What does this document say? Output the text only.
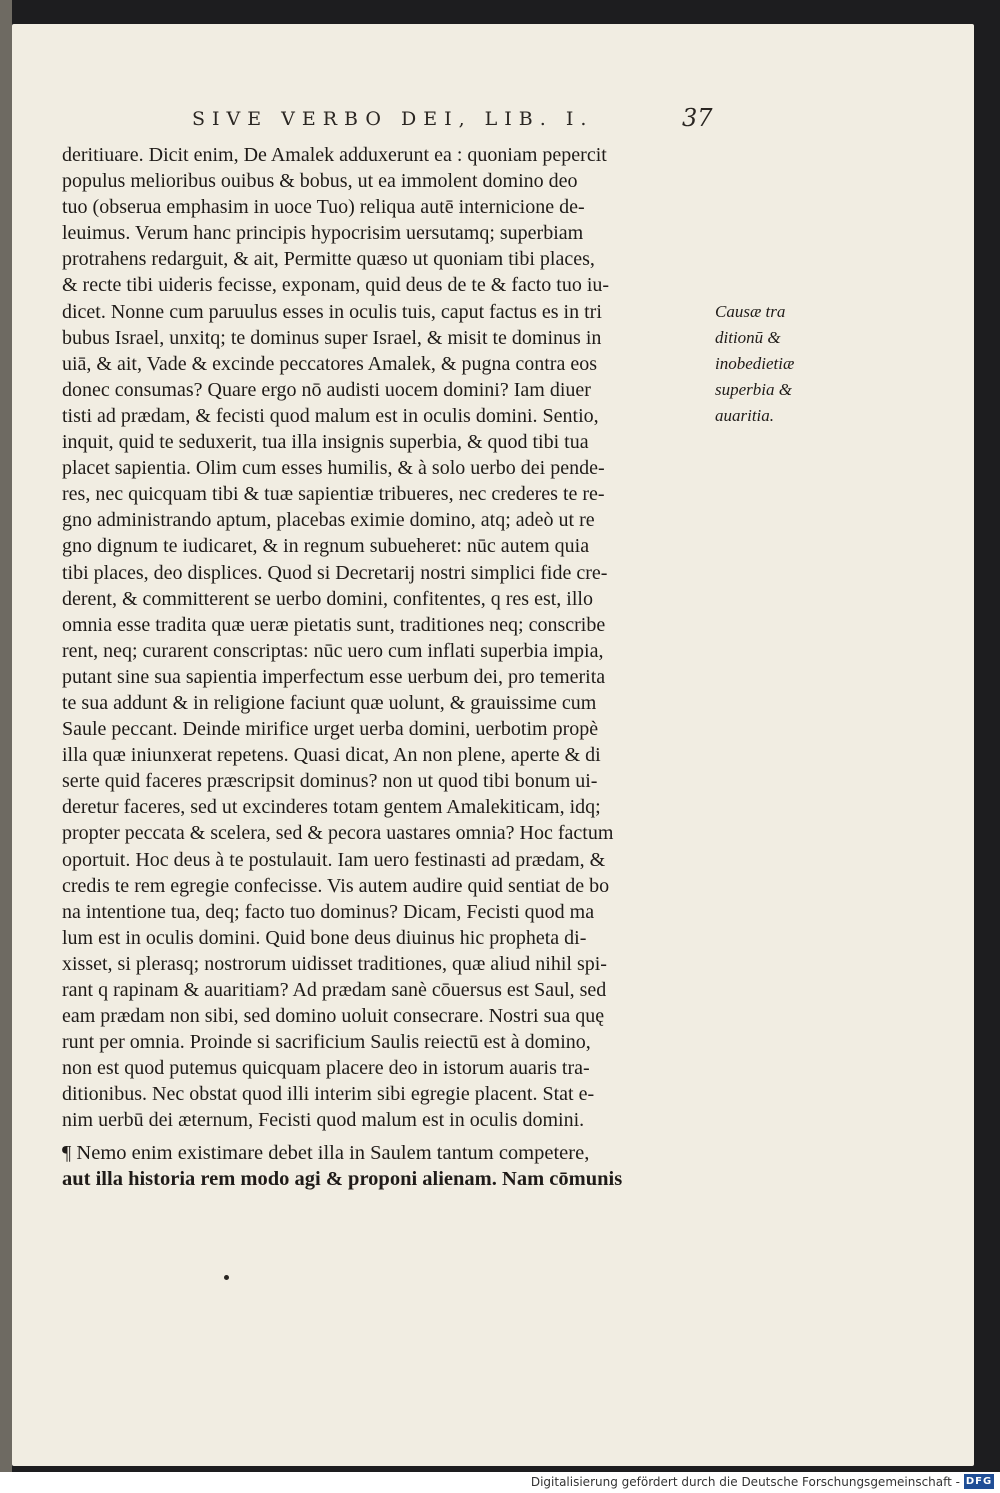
SIVE VERBO DEI, LIB. I.	37
deritiuare. Dicit enim, De Amalek adduxerunt ea : quoniam pepercit
populus melioribus ouibus & bobus, ut ea immolent domino deo
tuo (obserua emphasim in uoce Tuo) reliqua autē internicione de-
leuimus. Verum hanc principis hypocrisim uersutamq; superbiam
protrahens redarguit, & ait, Permitte quæso ut quoniam tibi places,
& recte tibi uideris fecisse, exponam, quid deus de te & facto tuo iu-
dicet. Nonne cum paruulus esses in oculis tuis, caput factus es in tri
bubus Israel, unxitq; te dominus super Israel, & misit te dominus in
uiā, & ait, Vade & excinde peccatores Amalek, & pugna contra eos
donec consumas? Quare ergo nō audisti uocem domini? Iam diuer
tisti ad prædam, & fecisti quod malum est in oculis domini. Sentio,
inquit, quid te seduxerit, tua illa insignis superbia, & quod tibi tua
placet sapientia. Olim cum esses humilis, & à solo uerbo dei pende-
res, nec quicquam tibi & tuæ sapientiæ tribueres, nec crederes te re-
gno administrando aptum, placebas eximie domino, atq; adeò ut re
gno dignum te iudicaret, & in regnum subueheret: nūc autem quia
tibi places, deo displices. Quod si Decretarij nostri simplici fide cre-
derent, & committerent se uerbo domini, confitentes, q res est, illo
omnia esse tradita quæ ueræ pietatis sunt, traditiones neq; conscribe
rent, neq; curarent conscriptas: nūc uero cum inflati superbia impia,
putant sine sua sapientia imperfectum esse uerbum dei, pro temerita
te sua addunt & in religione faciunt quæ uolunt, & grauissime cum
Saule peccant. Deinde mirifice urget uerba domini, uerbotim propè
illa quæ iniunxerat repetens. Quasi dicat, An non plene, aperte & di
serte quid faceres præscripsit dominus? non ut quod tibi bonum ui-
deretur faceres, sed ut excinderes totam gentem Amalekiticam, idq;
propter peccata & scelera, sed & pecora uastares omnia? Hoc factum
oportuit. Hoc deus à te postulauit. Iam uero festinasti ad prædam, &
credis te rem egregie confecisse. Vis autem audire quid sentiat de bo
na intentione tua, deq; facto tuo dominus? Dicam, Fecisti quod ma
lum est in oculis domini. Quid bone deus diuinus hic propheta di-
xisset, si plerasq; nostrorum uidisset traditiones, quæ aliud nihil spi-
rant q rapinam & auaritiam? Ad prædam sanè cōuersus est Saul, sed
eam prædam non sibi, sed domino uoluit consecrare. Nostri sua quę
runt per omnia. Proinde si sacrificium Saulis reiectū est à domino,
non est quod putemus quicquam placere deo in istorum auaris tra-
ditionibus. Nec obstat quod illi interim sibi egregie placent. Stat e-
nim uerbū dei æternum, Fecisti quod malum est in oculis domini.
¶ Nemo enim existimare debet illa in Saulem tantum competere,
aut illa historia rem modo agi & proponi alienam. Nam cōmunis
Causæ tra
ditionū &
inobedietiæ
superbia &
auaritia.
Digitalisierung gefördert durch die Deutsche Forschungsgemeinschaft - DFG
